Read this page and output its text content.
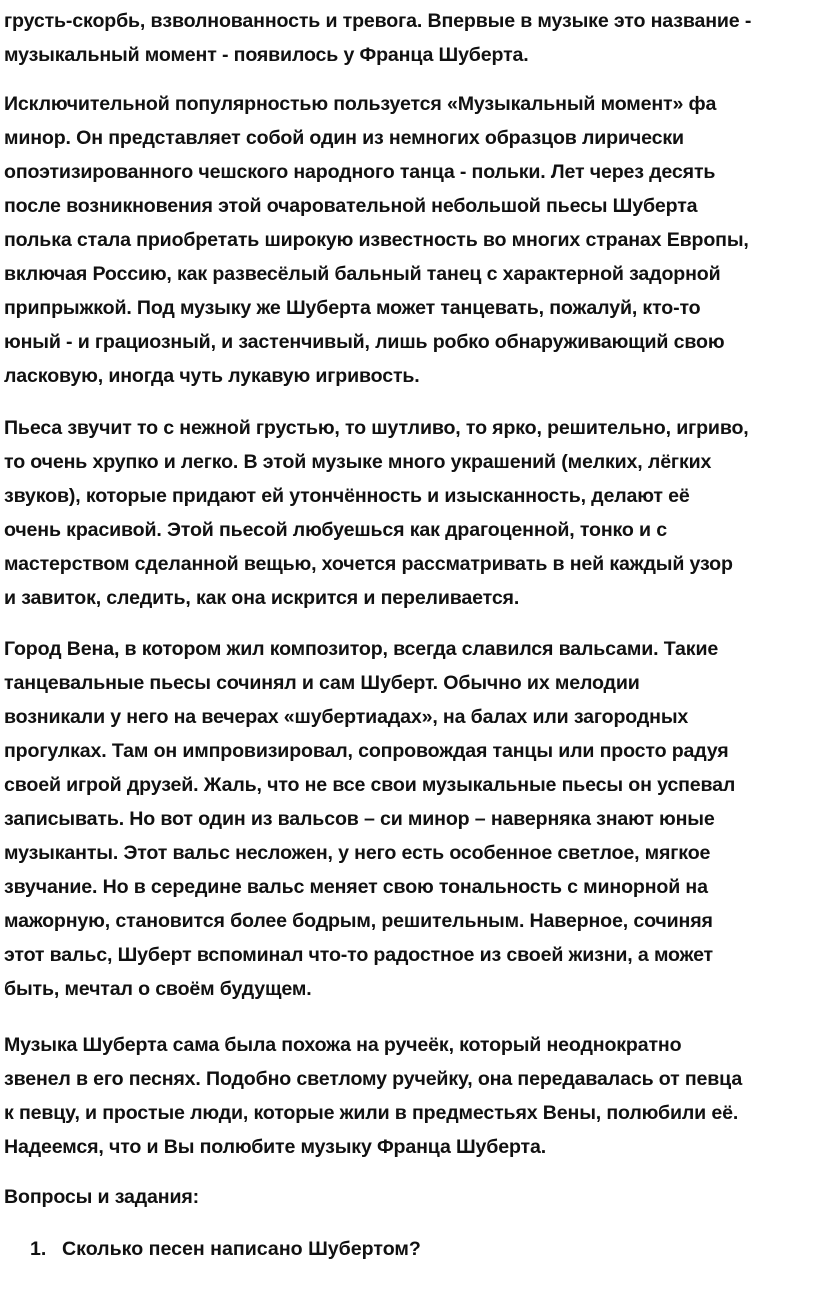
грусть-скорбь, взволнованность и тревога. Впервые в музыке это название -
музыкальный момент - появилось у Франца Шуберта.

Исключительной популярностью пользуется «Музыкальный момент» фа
минор. Он представляет собой один из немногих образцов лирически
опоэтизированного чешского народного танца - польки. Лет через десять
после возникновения этой очаровательной небольшой пьесы Шуберта
полька стала приобретать широкую известность во многих странах Европы,
включая Россию, как развесёлый бальный танец с характерной задорной
припрыжкой. Под музыку же Шуберта может танцевать, пожалуй, кто-то
юный - и грациозный, и застенчивый, лишь робко обнаруживающий свою
ласковую, иногда чуть лукавую игривость.

Пьеса звучит то с нежной грустью, то шутливо, то ярко, решительно, игриво,
то очень хрупко и легко. В этой музыке много украшений (мелких, лёгких
звуков), которые придают ей утончённость и изысканность, делают её
очень красивой. Этой пьесой любуешься как драгоценной, тонко и с
мастерством сделанной вещью, хочется рассматривать в ней каждый узор
и завиток, следить, как она искрится и переливается.

Город Вена, в котором жил композитор, всегда славился вальсами. Такие
танцевальные пьесы сочинял и сам Шуберт. Обычно их мелодии
возникали у него на вечерах «шубертиадах», на балах или загородных
прогулках. Там он импровизировал, сопровождая танцы или просто радуя
своей игрой друзей. Жаль, что не все свои музыкальные пьесы он успевал
записывать. Но вот один из вальсов – си минор – наверняка знают юные
музыканты. Этот вальс несложен, у него есть особенное светлое, мягкое
звучание. Но в середине вальс меняет свою тональность с минорной на
мажорную, становится более бодрым, решительным. Наверное, сочиняя
этот вальс, Шуберт вспоминал что-то радостное из своей жизни, а может
быть, мечтал о своём будущем.

Музыка Шуберта сама была похожа на ручеёк, который неоднократно
звенел в его песнях. Подобно светлому ручейку, она передавалась от певца
к певцу, и простые люди, которые жили в предместьях Вены, полюбили её.
Надеемся, что и Вы полюбите музыку Франца Шуберта.

Вопросы и задания:

1. Сколько песен написано Шубертом?
